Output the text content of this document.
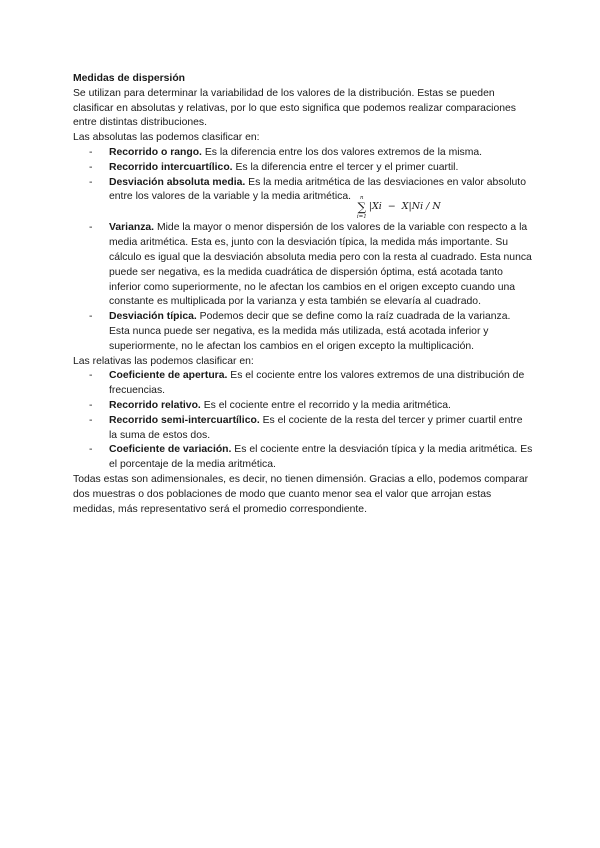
Medidas de dispersión
Se utilizan para determinar la variabilidad de los valores de la distribución. Estas se pueden clasificar en absolutas y relativas, por lo que esto significa que podemos realizar comparaciones entre distintas distribuciones.
Las absolutas las podemos clasificar en:
- Recorrido o rango. Es la diferencia entre los dos valores extremos de la misma.
- Recorrido intercuartílico. Es la diferencia entre el tercer y el primer cuartil.
- Desviación absoluta media. Es la media aritmética de las desviaciones en valor absoluto entre los valores de la variable y la media aritmética. n
∑
i=1
|Xi  −  X|Ni / N
- Varianza. Mide la mayor o menor dispersión de los valores de la variable con respecto a la media aritmética. Esta es, junto con la desviación típica, la medida más importante. Su cálculo es igual que la desviación absoluta media pero con la resta al cuadrado. Esta nunca puede ser negativa, es la medida cuadrática de dispersión óptima, está acotada tanto inferior como superiormente, no le afectan los cambios en el origen excepto cuando una constante es multiplicada por la varianza y esta también se elevaría al cuadrado.
- Desviación típica. Podemos decir que se define como la raíz cuadrada de la varianza. Esta nunca puede ser negativa, es la medida más utilizada, está acotada inferior y superiormente, no le afectan los cambios en el origen excepto la multiplicación.
Las relativas las podemos clasificar en:
- Coeficiente de apertura. Es el cociente entre los valores extremos de una distribución de frecuencias.
- Recorrido relativo. Es el cociente entre el recorrido y la media aritmética.
- Recorrido semi-intercuartílico. Es el cociente de la resta del tercer y primer cuartil entre la suma de estos dos.
- Coeficiente de variación. Es el cociente entre la desviación típica y la media aritmética. Es el porcentaje de la media aritmética.
Todas estas son adimensionales, es decir, no tienen dimensión. Gracias a ello, podemos comparar dos muestras o dos poblaciones de modo que cuanto menor sea el valor que arrojan estas medidas, más representativo será el promedio correspondiente.
